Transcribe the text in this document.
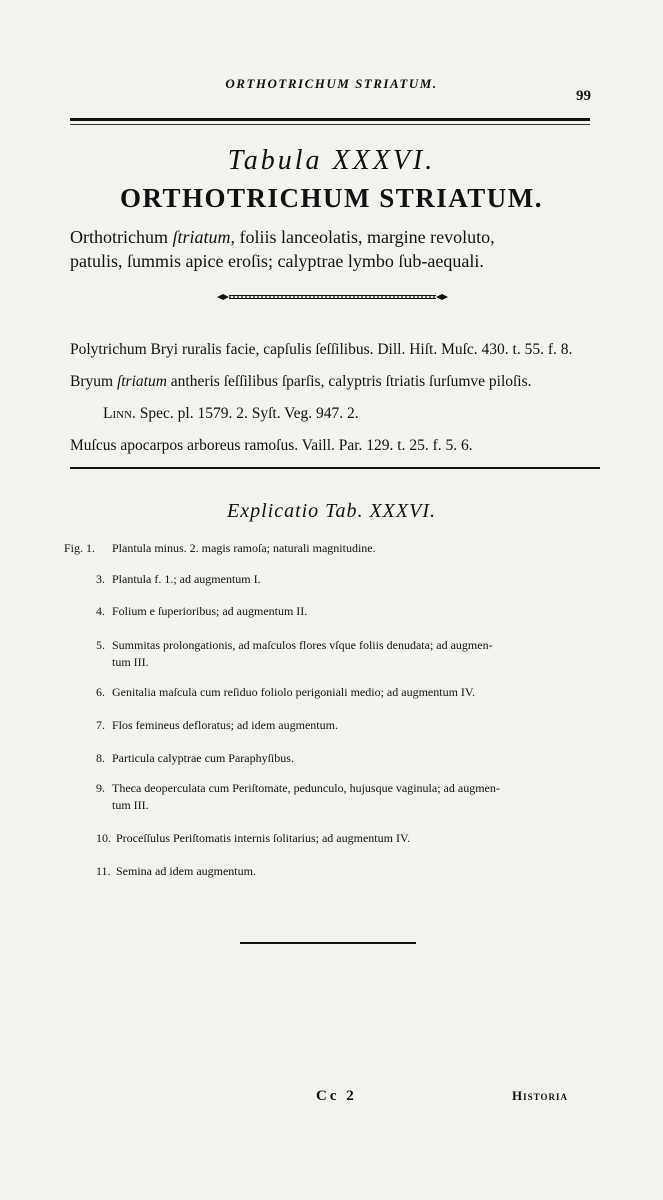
ORTHOTRICHUM STRIATUM.
99
Tabula XXXVI.
ORTHOTRICHUM STRIATUM.
Orthotrichum ſtriatum, foliis lanceolatis, margine revoluto,
patulis, ſummis apice eroſis; calyptrae lymbo ſub-aequali.
Polytrichum Bryi ruralis facie, capſulis ſeſſilibus. Dill. Hiſt. Muſc. 430. t. 55. f. 8.
Bryum ſtriatum antheris ſeſſilibus ſparſis, calyptris ſtriatis ſurſumve piloſis.
Linn. Spec. pl. 1579. 2. Syſt. Veg. 947. 2.
Muſcus apocarpos arboreus ramoſus. Vaill. Par. 129. t. 25. f. 5. 6.
Explicatio Tab. XXXVI.
Fig. 1. Plantula minus. 2. magis ramoſa; naturali magnitudine.
3. Plantula f. 1.; ad augmentum I.
4. Folium e ſuperioribus; ad augmentum II.
5. Summitas prolongationis, ad maſculos flores vſque foliis denudata; ad augmen-
tum III.
6. Genitalia maſcula cum reſiduo foliolo perigoniali medio; ad augmentum IV.
7. Flos femineus defloratus; ad idem augmentum.
8. Particula calyptrae cum Paraphyſibus.
9. Theca deoperculata cum Periſtomate, pedunculo, hujusque vaginula; ad augmen-
tum III.
10. Proceſſulus Periſtomatis internis ſolitarius; ad augmentum IV.
11. Semina ad idem augmentum.
Cc 2	Historia
